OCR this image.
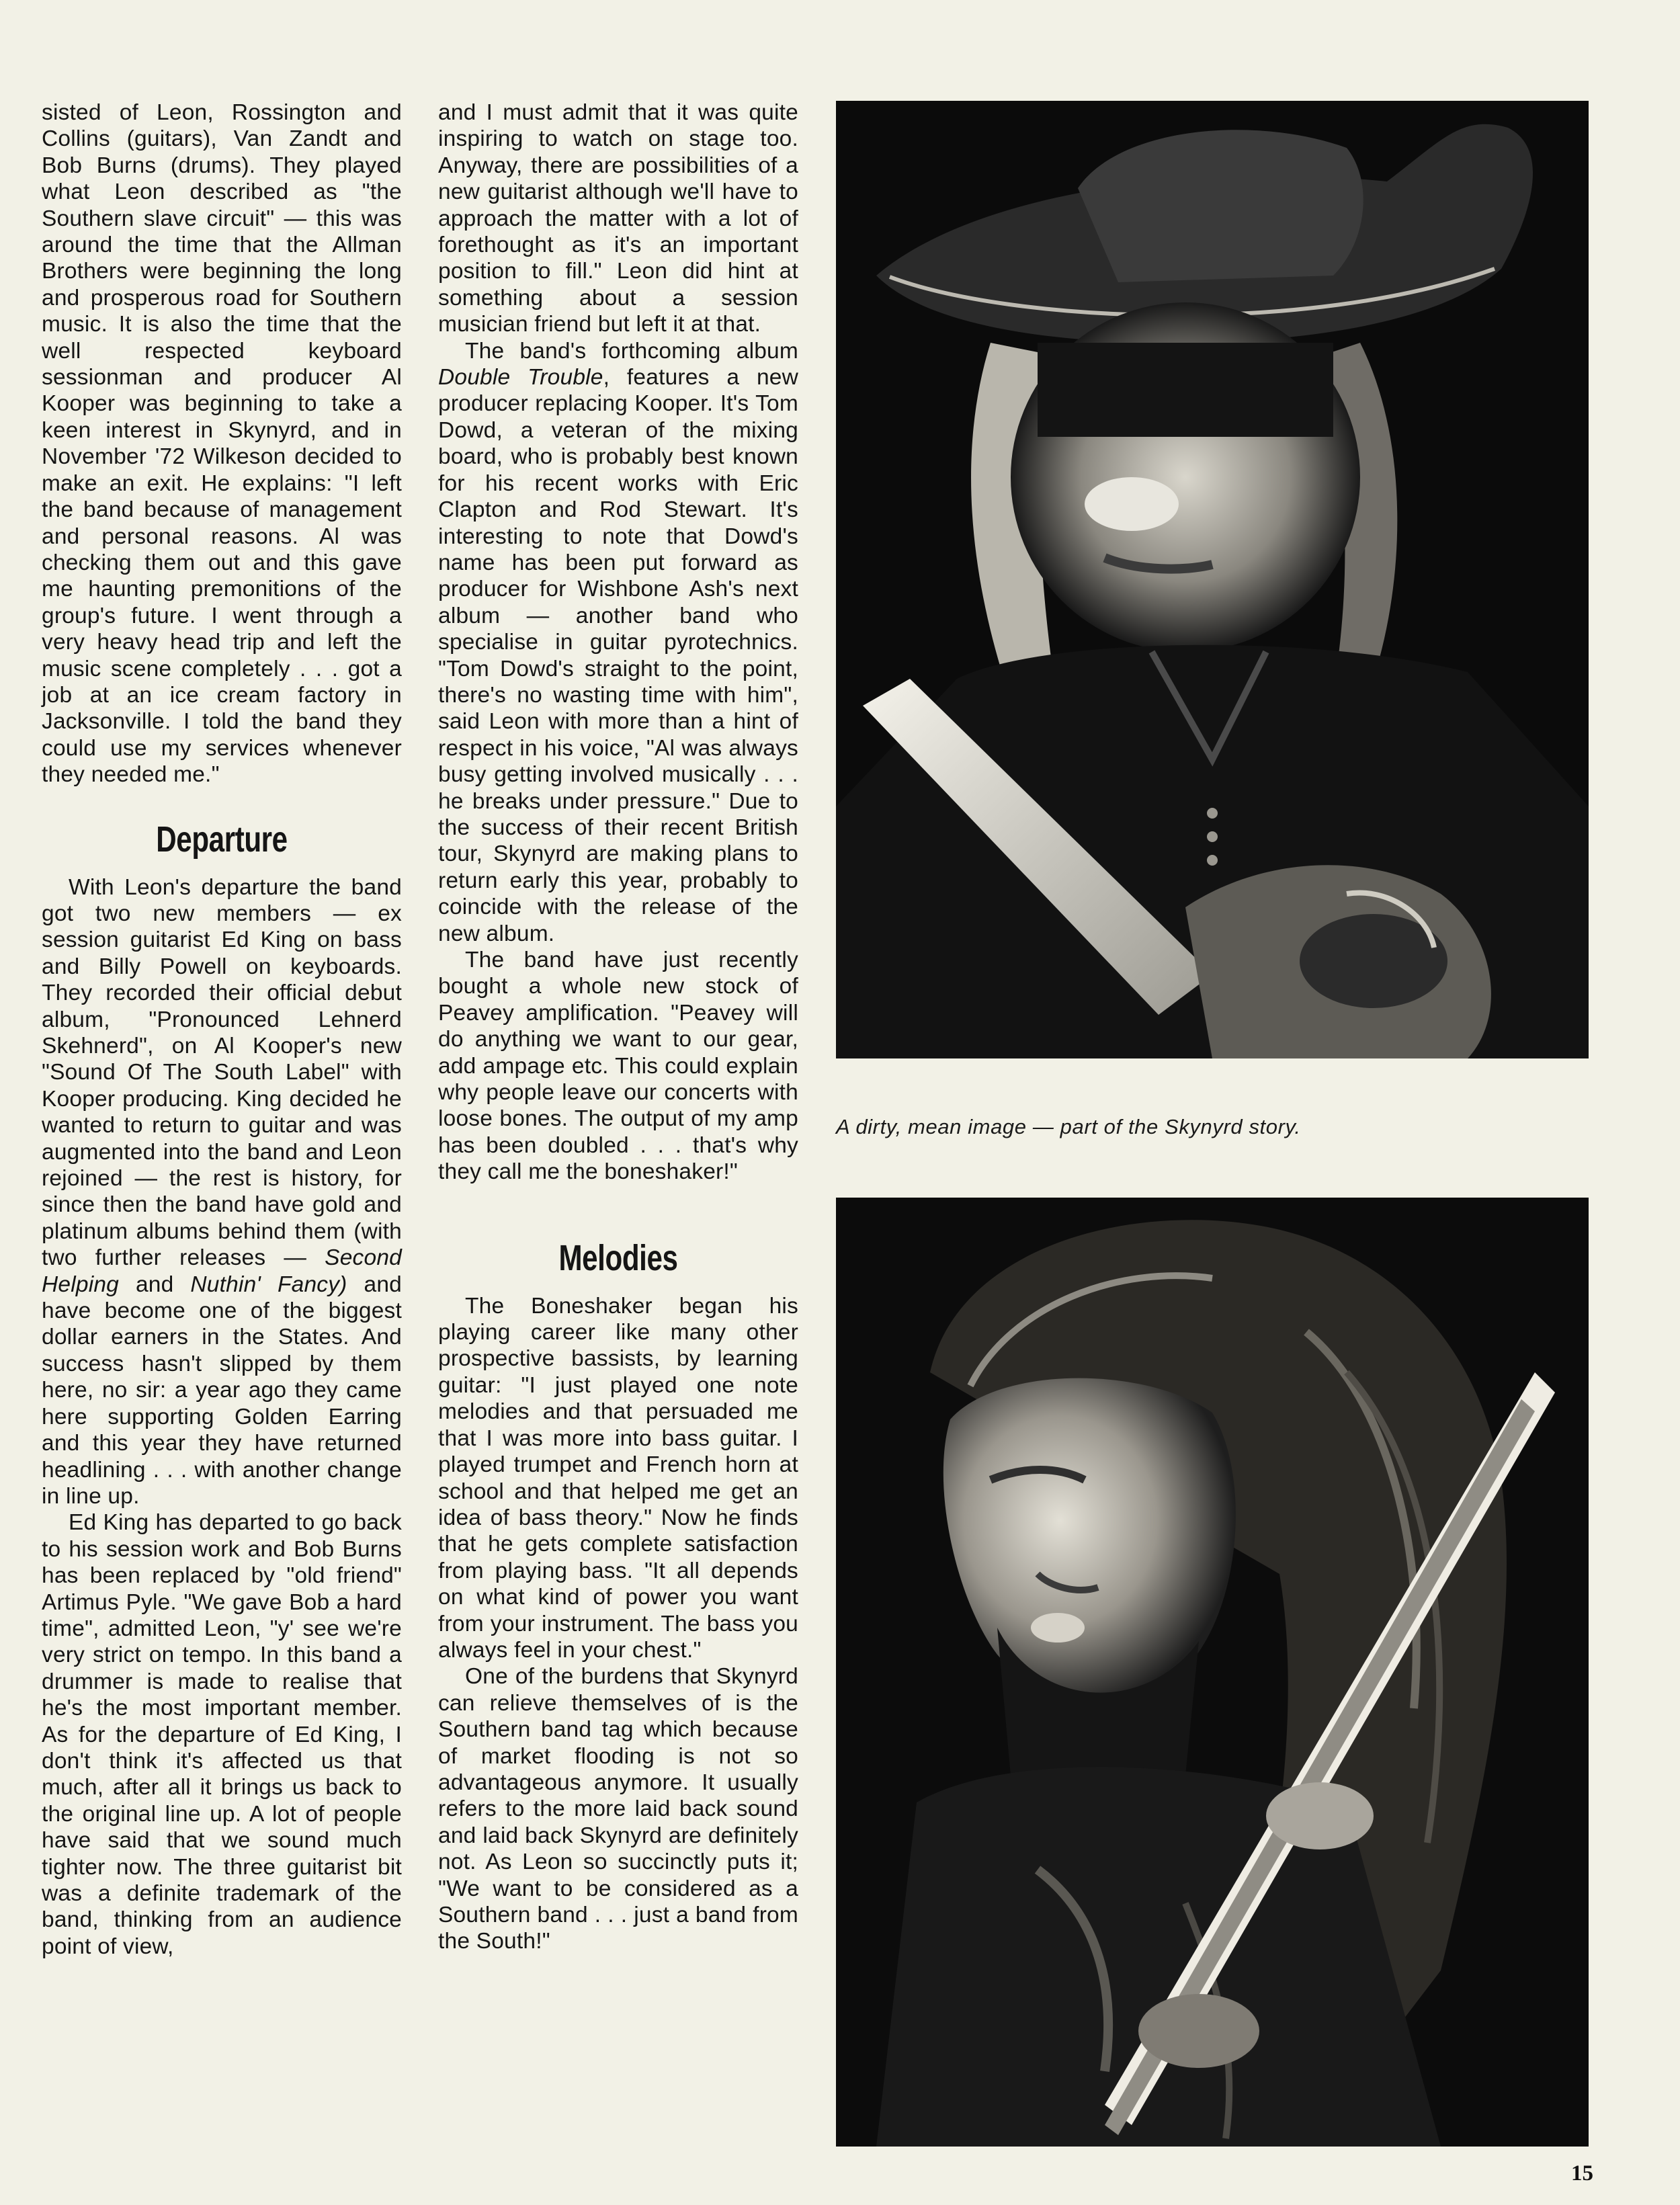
sisted of Leon, Rossington and Collins (guitars), Van Zandt and Bob Burns (drums). They played what Leon described as "the Southern slave circuit" — this was around the time that the Allman Brothers were beginning the long and prosperous road for Southern music. It is also the time that the well respected keyboard sessionman and producer Al Kooper was beginning to take a keen interest in Skynyrd, and in November '72 Wilkeson decided to make an exit. He explains: "I left the band because of management and personal reasons. Al was checking them out and this gave me haunting premonitions of the group's future. I went through a very heavy head trip and left the music scene completely . . . got a job at an ice cream factory in Jacksonville. I told the band they could use my services whenever they needed me."

Departure

With Leon's departure the band got two new members — ex session guitarist Ed King on bass and Billy Powell on keyboards. They recorded their official debut album, "Pronounced Lehnerd Skehnerd", on Al Kooper's new "Sound Of The South Label" with Kooper producing. King decided he wanted to return to guitar and was augmented into the band and Leon rejoined — the rest is history, for since then the band have gold and platinum albums behind them (with two further releases — Second Helping and Nuthin' Fancy) and have become one of the biggest dollar earners in the States. And success hasn't slipped by them here, no sir: a year ago they came here supporting Golden Earring and this year they have returned headlining . . . with another change in line up.

Ed King has departed to go back to his session work and Bob Burns has been replaced by "old friend" Artimus Pyle. "We gave Bob a hard time", admitted Leon, "y' see we're very strict on tempo. In this band a drummer is made to realise that he's the most important member. As for the departure of Ed King, I don't think it's affected us that much, after all it brings us back to the original line up. A lot of people have said that we sound much tighter now. The three guitarist bit was a definite trademark of the band, thinking from an audience point of view,

and I must admit that it was quite inspiring to watch on stage too. Anyway, there are possibilities of a new guitarist although we'll have to approach the matter with a lot of forethought as it's an important position to fill." Leon did hint at something about a session musician friend but left it at that.

The band's forthcoming album Double Trouble, features a new producer replacing Kooper. It's Tom Dowd, a veteran of the mixing board, who is probably best known for his recent works with Eric Clapton and Rod Stewart. It's interesting to note that Dowd's name has been put forward as producer for Wishbone Ash's next album — another band who specialise in guitar pyrotechnics. "Tom Dowd's straight to the point, there's no wasting time with him", said Leon with more than a hint of respect in his voice, "Al was always busy getting involved musically . . . he breaks under pressure." Due to the success of their recent British tour, Skynyrd are making plans to return early this year, probably to coincide with the release of the new album.

The band have just recently bought a whole new stock of Peavey amplification. "Peavey will do anything we want to our gear, add ampage etc. This could explain why people leave our concerts with loose bones. The output of my amp has been doubled . . . that's why they call me the boneshaker!"

Melodies

The Boneshaker began his playing career like many other prospective bassists, by learning guitar: "I just played one note melodies and that persuaded me that I was more into bass guitar. I played trumpet and French horn at school and that helped me get an idea of bass theory." Now he finds that he gets complete satisfaction from playing bass. "It all depends on what kind of power you want from your instrument. The bass you always feel in your chest."

One of the burdens that Skynyrd can relieve themselves of is the Southern band tag which because of market flooding is not so advantageous anymore. It usually refers to the more laid back sound and laid back Skynyrd are definitely not. As Leon so succinctly puts it; "We want to be considered as a Southern band . . . just a band from the South!"

A dirty, mean image — part of the Skynyrd story.
15
